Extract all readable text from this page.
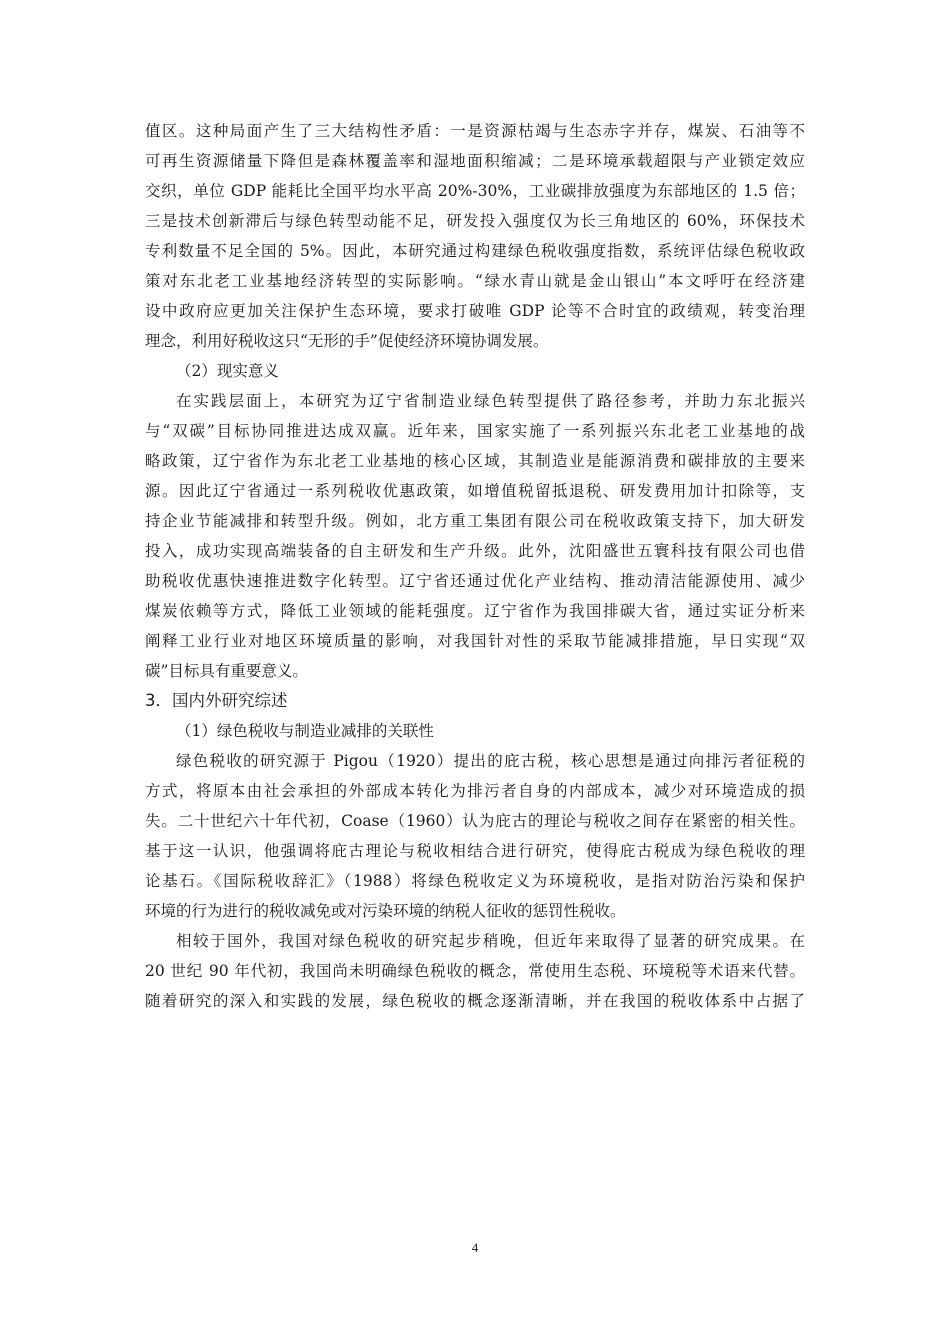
值区。这种局面产生了三大结构性矛盾：一是资源枯竭与生态赤字并存，煤炭、石油等不
可再生资源储量下降但是森林覆盖率和湿地面积缩减；二是环境承载超限与产业锁定效应
交织，单位 GDP 能耗比全国平均水平高 20%-30%，工业碳排放强度为东部地区的 1.5 倍；
三是技术创新滞后与绿色转型动能不足，研发投入强度仅为长三角地区的 60%，环保技术
专利数量不足全国的 5%。因此，本研究通过构建绿色税收强度指数，系统评估绿色税收政
策对东北老工业基地经济转型的实际影响。“绿水青山就是金山银山”本文呼吁在经济建
设中政府应更加关注保护生态环境，要求打破唯 GDP 论等不合时宜的政绩观，转变治理
理念，利用好税收这只“无形的手”促使经济环境协调发展。
（2）现实意义
在实践层面上，本研究为辽宁省制造业绿色转型提供了路径参考，并助力东北振兴
与“双碳”目标协同推进达成双赢。近年来，国家实施了一系列振兴东北老工业基地的战
略政策，辽宁省作为东北老工业基地的核心区域，其制造业是能源消费和碳排放的主要来
源。因此辽宁省通过一系列税收优惠政策，如增值税留抵退税、研发费用加计扣除等，支
持企业节能减排和转型升级。例如，北方重工集团有限公司在税收政策支持下，加大研发
投入，成功实现高端装备的自主研发和生产升级。此外，沈阳盛世五寰科技有限公司也借
助税收优惠快速推进数字化转型。辽宁省还通过优化产业结构、推动清洁能源使用、减少
煤炭依赖等方式，降低工业领域的能耗强度。辽宁省作为我国排碳大省，通过实证分析来
阐释工业行业对地区环境质量的影响，对我国针对性的采取节能减排措施，早日实现“双
碳”目标具有重要意义。
3．国内外研究综述
（1）绿色税收与制造业减排的关联性
绿色税收的研究源于 Pigou（1920）提出的庇古税，核心思想是通过向排污者征税的
方式，将原本由社会承担的外部成本转化为排污者自身的内部成本，减少对环境造成的损
失。二十世纪六十年代初，Coase（1960）认为庇古的理论与税收之间存在紧密的相关性。
基于这一认识，他强调将庇古理论与税收相结合进行研究，使得庇古税成为绿色税收的理
论基石。《国际税收辞汇》（1988）将绿色税收定义为环境税收，是指对防治污染和保护
环境的行为进行的税收减免或对污染环境的纳税人征收的惩罚性税收。
相较于国外，我国对绿色税收的研究起步稍晚，但近年来取得了显著的研究成果。在
20 世纪 90 年代初，我国尚未明确绿色税收的概念，常使用生态税、环境税等术语来代替。
随着研究的深入和实践的发展，绿色税收的概念逐渐清晰，并在我国的税收体系中占据了
4
